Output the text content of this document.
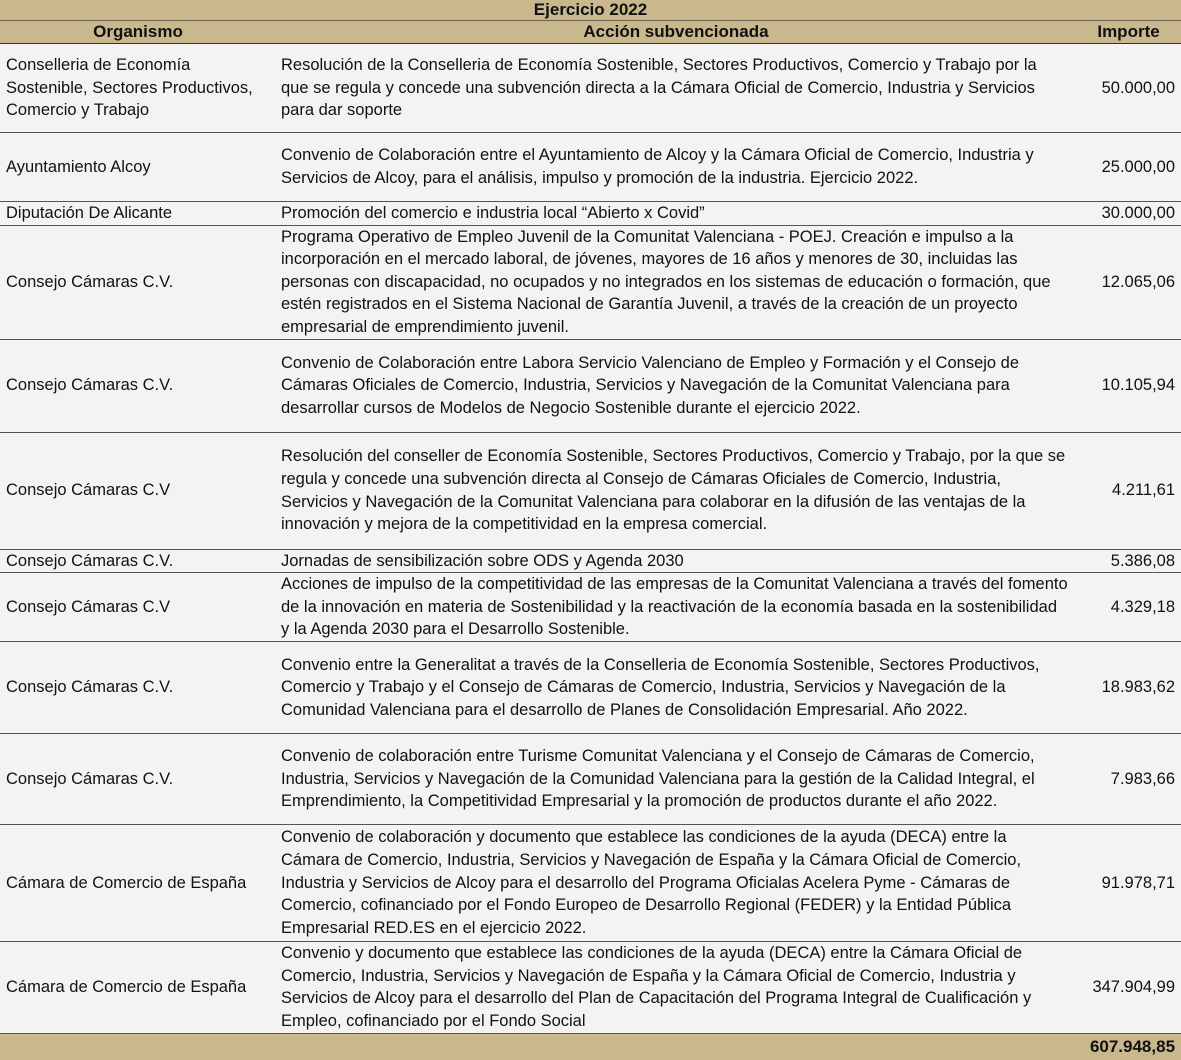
Ejercicio 2022		
Organismo	Acción subvencionada	Importe
Conselleria de Economía Sostenible, Sectores Productivos, Comercio y Trabajo	Resolución de la Conselleria de Economía Sostenible, Sectores Productivos, Comercio y Trabajo por la que se regula y concede una subvención directa a la Cámara Oficial de Comercio, Industria y Servicios para dar soporte	50.000,00
Ayuntamiento Alcoy	Convenio de Colaboración entre el Ayuntamiento de Alcoy y la Cámara Oficial de Comercio, Industria y Servicios de Alcoy, para el análisis, impulso y promoción de la industria. Ejercicio 2022.	25.000,00
Diputación De Alicante	Promoción del comercio e industria local “Abierto x Covid”	30.000,00
Consejo Cámaras C.V.	Programa Operativo de Empleo Juvenil de la Comunitat Valenciana - POEJ. Creación e impulso a la incorporación en el mercado laboral, de jóvenes, mayores de 16 años y menores de 30, incluidas las personas con discapacidad, no ocupados y no integrados en los sistemas de educación o formación, que estén registrados en el Sistema Nacional de Garantía Juvenil, a través de la creación de un proyecto empresarial de emprendimiento juvenil.	12.065,06
Consejo Cámaras C.V.	Convenio de Colaboración entre Labora Servicio Valenciano de Empleo y Formación y el Consejo de Cámaras Oficiales de Comercio, Industria, Servicios y Navegación de la Comunitat Valenciana para desarrollar cursos de Modelos de Negocio Sostenible durante el ejercicio 2022.	10.105,94
Consejo Cámaras C.V	Resolución del conseller de Economía Sostenible, Sectores Productivos, Comercio y Trabajo, por la que se regula y concede una subvención directa al Consejo de Cámaras Oficiales de Comercio, Industria, Servicios y Navegación de la Comunitat Valenciana para colaborar en la difusión de las ventajas de la innovación y mejora de la competitividad en la empresa comercial.	4.211,61
Consejo Cámaras C.V.	Jornadas de sensibilización sobre ODS y Agenda 2030	5.386,08
Consejo Cámaras C.V	Acciones de impulso de la competitividad de las empresas de la Comunitat Valenciana a través del fomento de la innovación en materia de Sostenibilidad y la reactivación de la economía basada en la sostenibilidad y la Agenda 2030 para el Desarrollo Sostenible.	4.329,18
Consejo Cámaras C.V.	Convenio entre la Generalitat a través de la Conselleria de Economía Sostenible, Sectores Productivos, Comercio y Trabajo y el Consejo de Cámaras de Comercio, Industria, Servicios y Navegación de la Comunidad Valenciana para el desarrollo de Planes de Consolidación Empresarial. Año 2022.	18.983,62
Consejo Cámaras C.V.	Convenio de colaboración entre Turisme Comunitat Valenciana y el Consejo de Cámaras de Comercio, Industria, Servicios y Navegación de la Comunidad Valenciana para la gestión de la Calidad Integral, el Emprendimiento, la Competitividad Empresarial y la promoción de productos durante el año 2022.	7.983,66
Cámara de Comercio de España	Convenio de colaboración y documento que establece las condiciones de la ayuda (DECA) entre la Cámara de Comercio, Industria, Servicios y Navegación de España y la Cámara Oficial de Comercio, Industria y Servicios de Alcoy para el desarrollo del Programa Oficialas Acelera Pyme - Cámaras de Comercio, cofinanciado por el Fondo Europeo de Desarrollo Regional (FEDER) y la Entidad Pública Empresarial RED.ES en el ejercicio 2022.	91.978,71
Cámara de Comercio de España	Convenio y documento que establece las condiciones de la ayuda (DECA) entre la Cámara Oficial de Comercio, Industria, Servicios y Navegación de España y la Cámara Oficial de Comercio, Industria y Servicios de Alcoy para el desarrollo del Plan de Capacitación del Programa Integral de Cualificación y Empleo, cofinanciado por el Fondo Social	347.904,99
607.948,85		
